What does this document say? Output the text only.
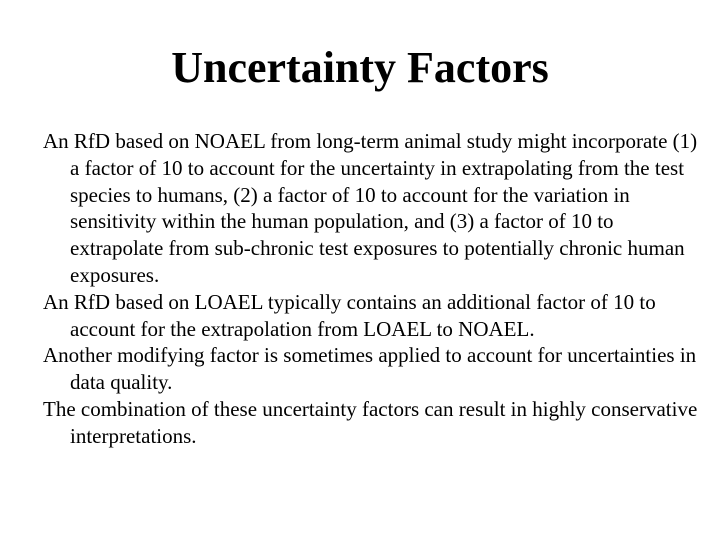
Uncertainty Factors
An RfD based on NOAEL from long-term animal study might incorporate (1) a factor of 10 to account for the uncertainty in extrapolating from the test species to humans, (2) a factor of 10 to account for the variation in sensitivity within the human population, and (3) a factor of 10 to extrapolate from sub-chronic test exposures to potentially chronic human exposures.
An RfD based on LOAEL typically contains an additional factor of 10 to account for the extrapolation from LOAEL to NOAEL.
Another modifying factor is sometimes applied to account for uncertainties in data quality.
The combination of these uncertainty factors can result in highly conservative interpretations.
